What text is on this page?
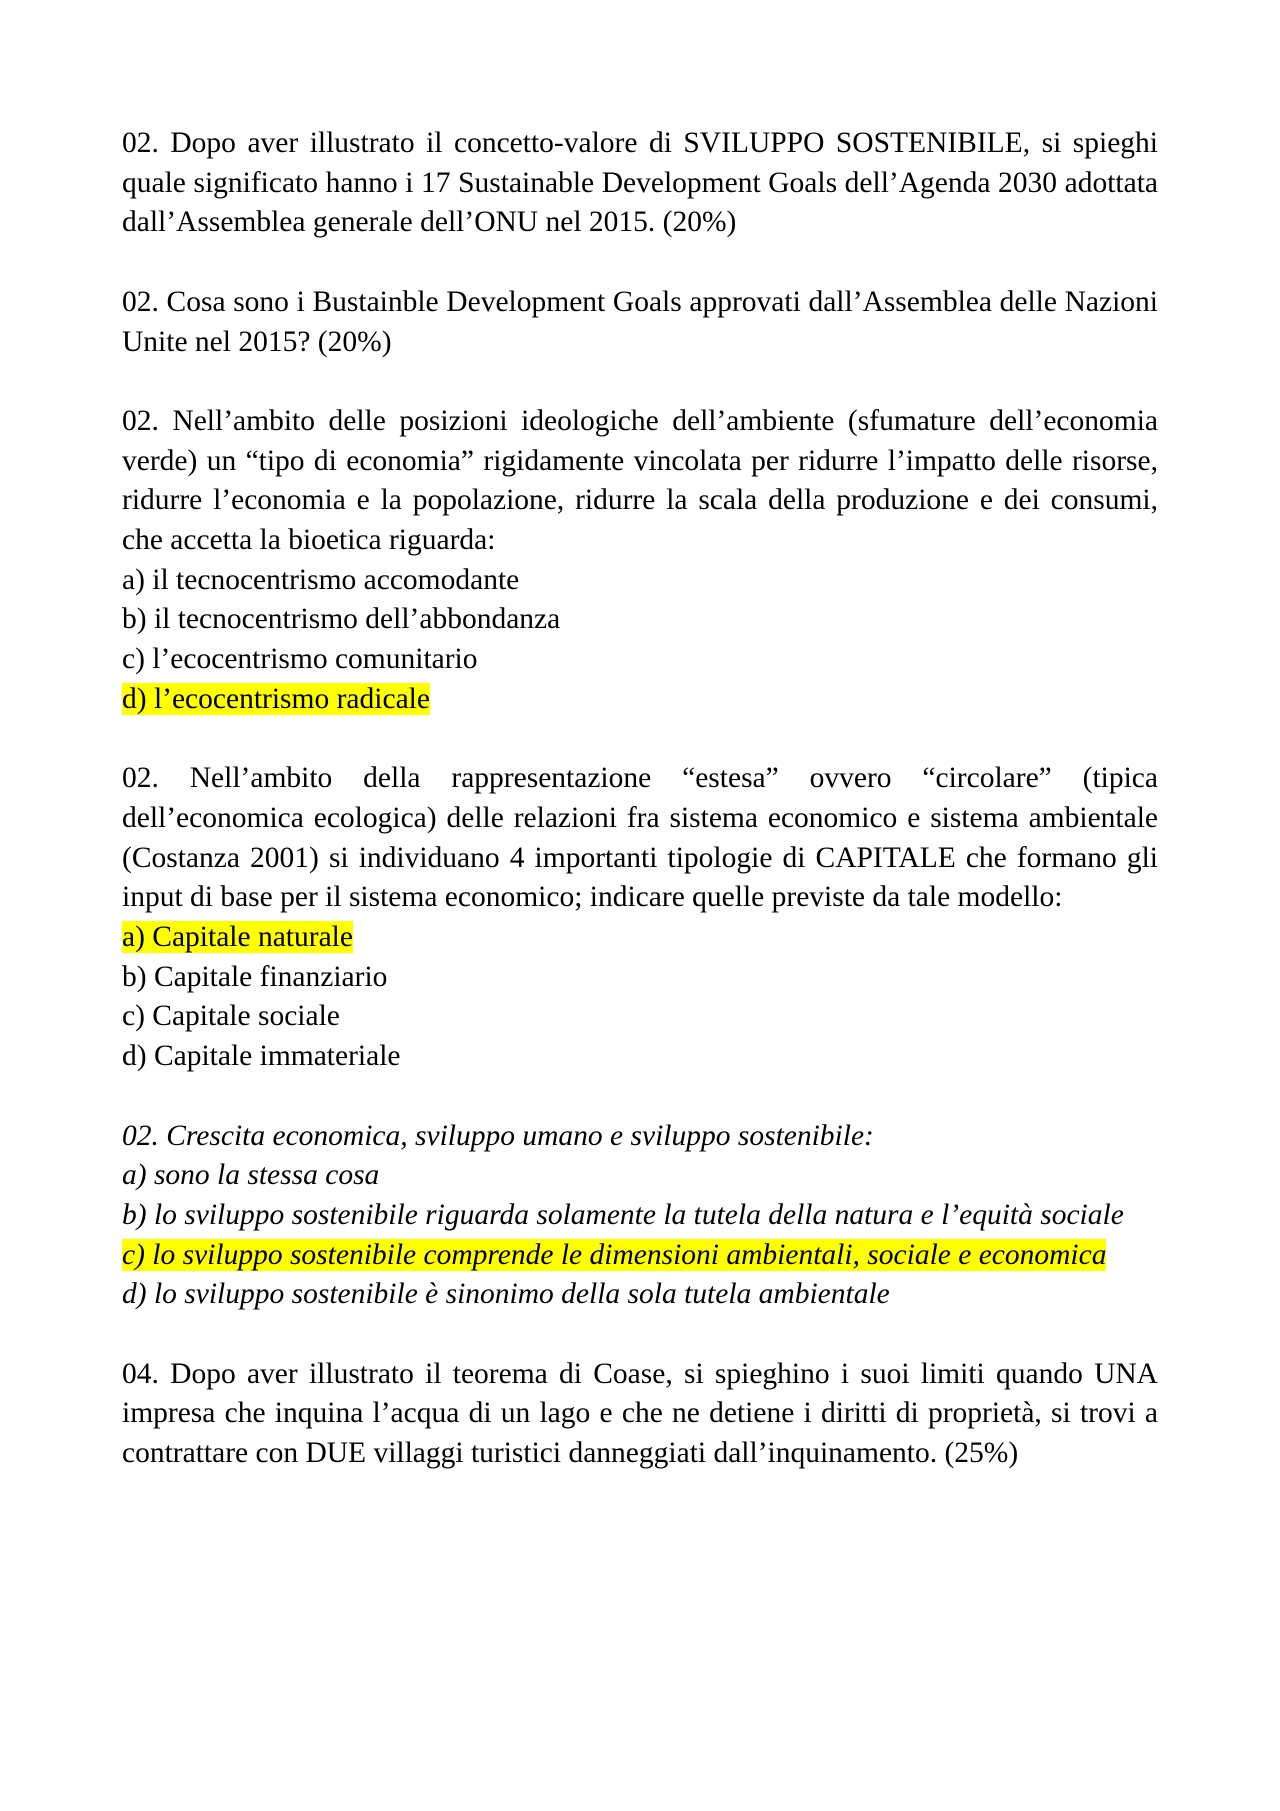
02. Dopo aver illustrato il concetto-valore di SVILUPPO SOSTENIBILE, si spieghi quale significato hanno i 17 Sustainable Development Goals dell’Agenda 2030 adottata dall’Assemblea generale dell’ONU nel 2015. (20%)
02. Cosa sono i Bustainble Development Goals approvati dall’Assemblea delle Nazioni Unite nel 2015? (20%)
02. Nell’ambito delle posizioni ideologiche dell’ambiente (sfumature dell’economia verde) un “tipo di economia” rigidamente vincolata per ridurre l’impatto delle risorse, ridurre l’economia e la popolazione, ridurre la scala della produzione e dei consumi, che accetta la bioetica riguarda:
a) il tecnocentrismo accomodante
b) il tecnocentrismo dell’abbondanza
c) l’ecocentrismo comunitario
d) l’ecocentrismo radicale
02. Nell’ambito della rappresentazione “estesa” ovvero “circolare” (tipica dell’economica ecologica) delle relazioni fra sistema economico e sistema ambientale (Costanza 2001) si individuano 4 importanti tipologie di CAPITALE che formano gli input di base per il sistema economico; indicare quelle previste da tale modello:
a) Capitale naturale
b) Capitale finanziario
c) Capitale sociale
d) Capitale immateriale
02. Crescita economica, sviluppo umano e sviluppo sostenibile:
a) sono la stessa cosa
b) lo sviluppo sostenibile riguarda solamente la tutela della natura e l’equità sociale
c) lo sviluppo sostenibile comprende le dimensioni ambientali, sociale e economica
d) lo sviluppo sostenibile è sinonimo della sola tutela ambientale
04. Dopo aver illustrato il teorema di Coase, si spieghino i suoi limiti quando UNA impresa che inquina l’acqua di un lago e che ne detiene i diritti di proprietà, si trovi a contrattare con DUE villaggi turistici danneggiati dall’inquinamento. (25%)
